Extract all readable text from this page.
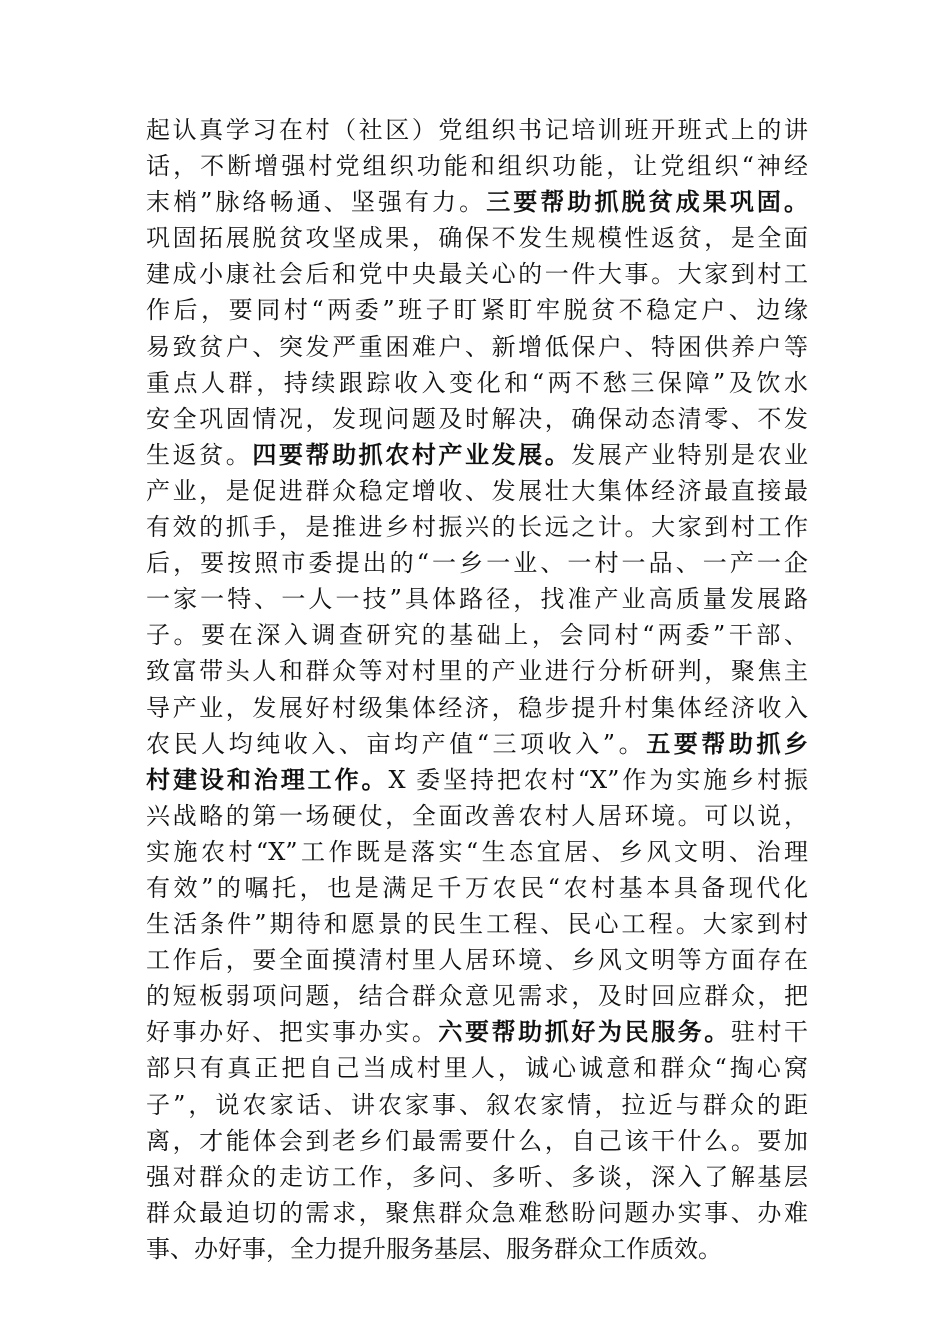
起认真学习在村（社区）党组织书记培训班开班式上的讲
话，不断增强村党组织功能和组织功能，让党组织“神经
末梢”脉络畅通、坚强有力。三要帮助抓脱贫成果巩固。
巩固拓展脱贫攻坚成果，确保不发生规模性返贫，是全面
建成小康社会后和党中央最关心的一件大事。大家到村工
作后，要同村“两委”班子盯紧盯牢脱贫不稳定户、边缘
易致贫户、突发严重困难户、新增低保户、特困供养户等
重点人群，持续跟踪收入变化和“两不愁三保障”及饮水
安全巩固情况，发现问题及时解决，确保动态清零、不发
生返贫。四要帮助抓农村产业发展。发展产业特别是农业
产业，是促进群众稳定增收、发展壮大集体经济最直接最
有效的抓手，是推进乡村振兴的长远之计。大家到村工作
后，要按照市委提出的“一乡一业、一村一品、一产一企
一家一特、一人一技”具体路径，找准产业高质量发展路
子。要在深入调查研究的基础上，会同村“两委”干部、
致富带头人和群众等对村里的产业进行分析研判，聚焦主
导产业，发展好村级集体经济，稳步提升村集体经济收入
农民人均纯收入、亩均产值“三项收入”。五要帮助抓乡
村建设和治理工作。X 委坚持把农村“X”作为实施乡村振
兴战略的第一场硬仗，全面改善农村人居环境。可以说，
实施农村“X”工作既是落实“生态宜居、乡风文明、治理
有效”的嘱托，也是满足千万农民“农村基本具备现代化
生活条件”期待和愿景的民生工程、民心工程。大家到村
工作后，要全面摸清村里人居环境、乡风文明等方面存在
的短板弱项问题，结合群众意见需求，及时回应群众，把
好事办好、把实事办实。六要帮助抓好为民服务。驻村干
部只有真正把自己当成村里人，诚心诚意和群众“掏心窝
子”，说农家话、讲农家事、叙农家情，拉近与群众的距
离，才能体会到老乡们最需要什么，自己该干什么。要加
强对群众的走访工作，多问、多听、多谈，深入了解基层
群众最迫切的需求，聚焦群众急难愁盼问题办实事、办难
事、办好事，全力提升服务基层、服务群众工作质效。
